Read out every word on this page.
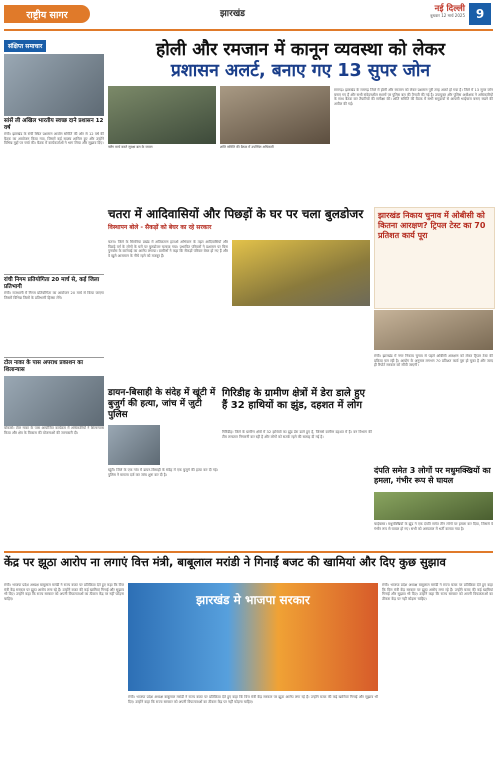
राष्ट्रीय सागर	झारखंड	नई दिल्ली
बुधवार 12 मार्च 2025 9
संक्षिप्त समाचार
सांसें ली अखिल भारतीय स्वच्छ दाने प्रशासन 12 वर्ष
रांची। झारखंड के रांची स्थित प्रशासन आयोग समिति की ओर से 12 वर्ष की बैठक का आयोजन किया गया, जिसमें कई सदस्य शामिल हुए और उन्होंने विभिन्न मुद्दों पर चर्चा की। बैठक में कार्यकर्ताओं ने भाग लिया और सुझाव दिए।
रांची निगम प्रतियोगिता 20 मार्च से, कई जिला प्रतिभागी
रांची। राजधानी में निगम प्रतियोगिता का आयोजन 20 मार्च से किया जाएगा जिसमें विभिन्न जिलों के प्रतिभागी हिस्सा लेंगे।
टोल नाका के पास अपराध प्रकाशन का शिलान्यास
बोकारो। टोल नाका के पास आयोजित कार्यक्रम में अधिकारियों ने शिलान्यास किया और क्षेत्र के विकास की योजनाओं की जानकारी दी।
होली और रमजान में कानून व्यवस्था को लेकर
प्रशासन अलर्ट, बनाए गए 13 सुपर जोन
फ्लैग मार्च करते सुरक्षा बल के जवान	शांति समिति की बैठक में उपस्थित अधिकारी
रामगढ़। झारखंड के रामगढ़ जिले में होली और रमजान को लेकर प्रशासन पूरी तरह अलर्ट हो गया है। जिले में 13 सुपर जोन बनाए गए हैं और सभी संवेदनशील स्थानों पर पुलिस बल की तैनाती की गई है। उपायुक्त और पुलिस अधीक्षक ने अधिकारियों के साथ बैठक कर तैयारियों की समीक्षा की। शांति समिति की बैठक में सभी समुदायों से आपसी भाईचारा बनाए रखने की अपील की गई।
चतरा में आदिवासियों और पिछड़ों के घर पर चला बुलडोजर
विस्थापन बोले - सैकड़ों को बेघर का रहे सरकार
चतरा। जिले के सिमरिया प्रखंड में अतिक्रमण हटाओ अभियान के तहत आदिवासियों और पिछड़े वर्ग के लोगों के घरों पर बुलडोजर चलाया गया। प्रभावित परिवारों ने प्रशासन पर बिना पुनर्वास के कार्रवाई का आरोप लगाया। ग्रामीणों ने कहा कि सैकड़ों परिवार बेघर हो गए हैं और वे खुले आसमान के नीचे रहने को मजबूर हैं।
झारखंड निकाय चुनाव में ओबीसी को कितना आरक्षण? ट्रिपल टेस्ट का 70 प्रतिशत कार्य पूरा
रांची। झारखंड में नगर निकाय चुनाव से पहले ओबीसी आरक्षण को लेकर ट्रिपल टेस्ट की प्रक्रिया चल रही है। आयोग के अनुसार लगभग 70 प्रतिशत कार्य पूरा हो चुका है और जल्द ही रिपोर्ट सरकार को सौंपी जाएगी।
डायन-बिसाही के संदेह में खूंटी में बुजुर्ग की हत्या, जांच में जुटी पुलिस
खूंटी। जिले के एक गांव में डायन-बिसाही के संदेह में एक बुजुर्ग की हत्या कर दी गई। पुलिस ने मामला दर्ज कर जांच शुरू कर दी है।
गिरिडीह के ग्रामीण क्षेत्रों में डेरा डाले हुए हैं 32 हाथियों का झुंड, दहशत में लोग
गिरिडीह। जिले के ग्रामीण क्षेत्रों में 32 हाथियों का झुंड डेरा डाले हुए है, जिससे ग्रामीण दहशत में हैं। वन विभाग की टीम लगातार निगरानी कर रही है और लोगों को सतर्क रहने की सलाह दी गई है।
दंपति समेत 3 लोगों पर मधुमक्खियों का हमला, गंभीर रूप से घायल
चाईबासा। मधुमक्खियों के झुंड ने एक दंपति समेत तीन लोगों पर हमला कर दिया, जिससे वे गंभीर रूप से घायल हो गए। सभी को अस्पताल में भर्ती कराया गया है।
केंद्र पर झूठा आरोप ना लगाएं वित्त मंत्री, बाबूलाल मरांडी ने गिनाईं बजट की खामियां और दिए कुछ सुझाव
रांची। भाजपा प्रदेश अध्यक्ष बाबूलाल मरांडी ने राज्य बजट पर प्रतिक्रिया देते हुए कहा कि वित्त मंत्री केंद्र सरकार पर झूठा आरोप लगा रहे हैं। उन्होंने बजट की कई खामियां गिनाईं और सुझाव भी दिए। उन्होंने कहा कि राज्य सरकार को अपनी विफलताओं का ठीकरा केंद्र पर नहीं फोड़ना चाहिए।	झारखंड मे भाजपा सरकार
रांची। भाजपा प्रदेश अध्यक्ष बाबूलाल मरांडी ने राज्य बजट पर प्रतिक्रिया देते हुए कहा कि वित्त मंत्री केंद्र सरकार पर झूठा आरोप लगा रहे हैं। उन्होंने बजट की कई खामियां गिनाईं और सुझाव भी दिए। उन्होंने कहा कि राज्य सरकार को अपनी विफलताओं का ठीकरा केंद्र पर नहीं फोड़ना चाहिए।
रांची। भाजपा प्रदेश अध्यक्ष बाबूलाल मरांडी ने राज्य बजट पर प्रतिक्रिया देते हुए कहा कि वित्त मंत्री केंद्र सरकार पर झूठा आरोप लगा रहे हैं। उन्होंने बजट की कई खामियां गिनाईं और सुझाव भी दिए। उन्होंने कहा कि राज्य सरकार को अपनी विफलताओं का ठीकरा केंद्र पर नहीं फोड़ना चाहिए।
